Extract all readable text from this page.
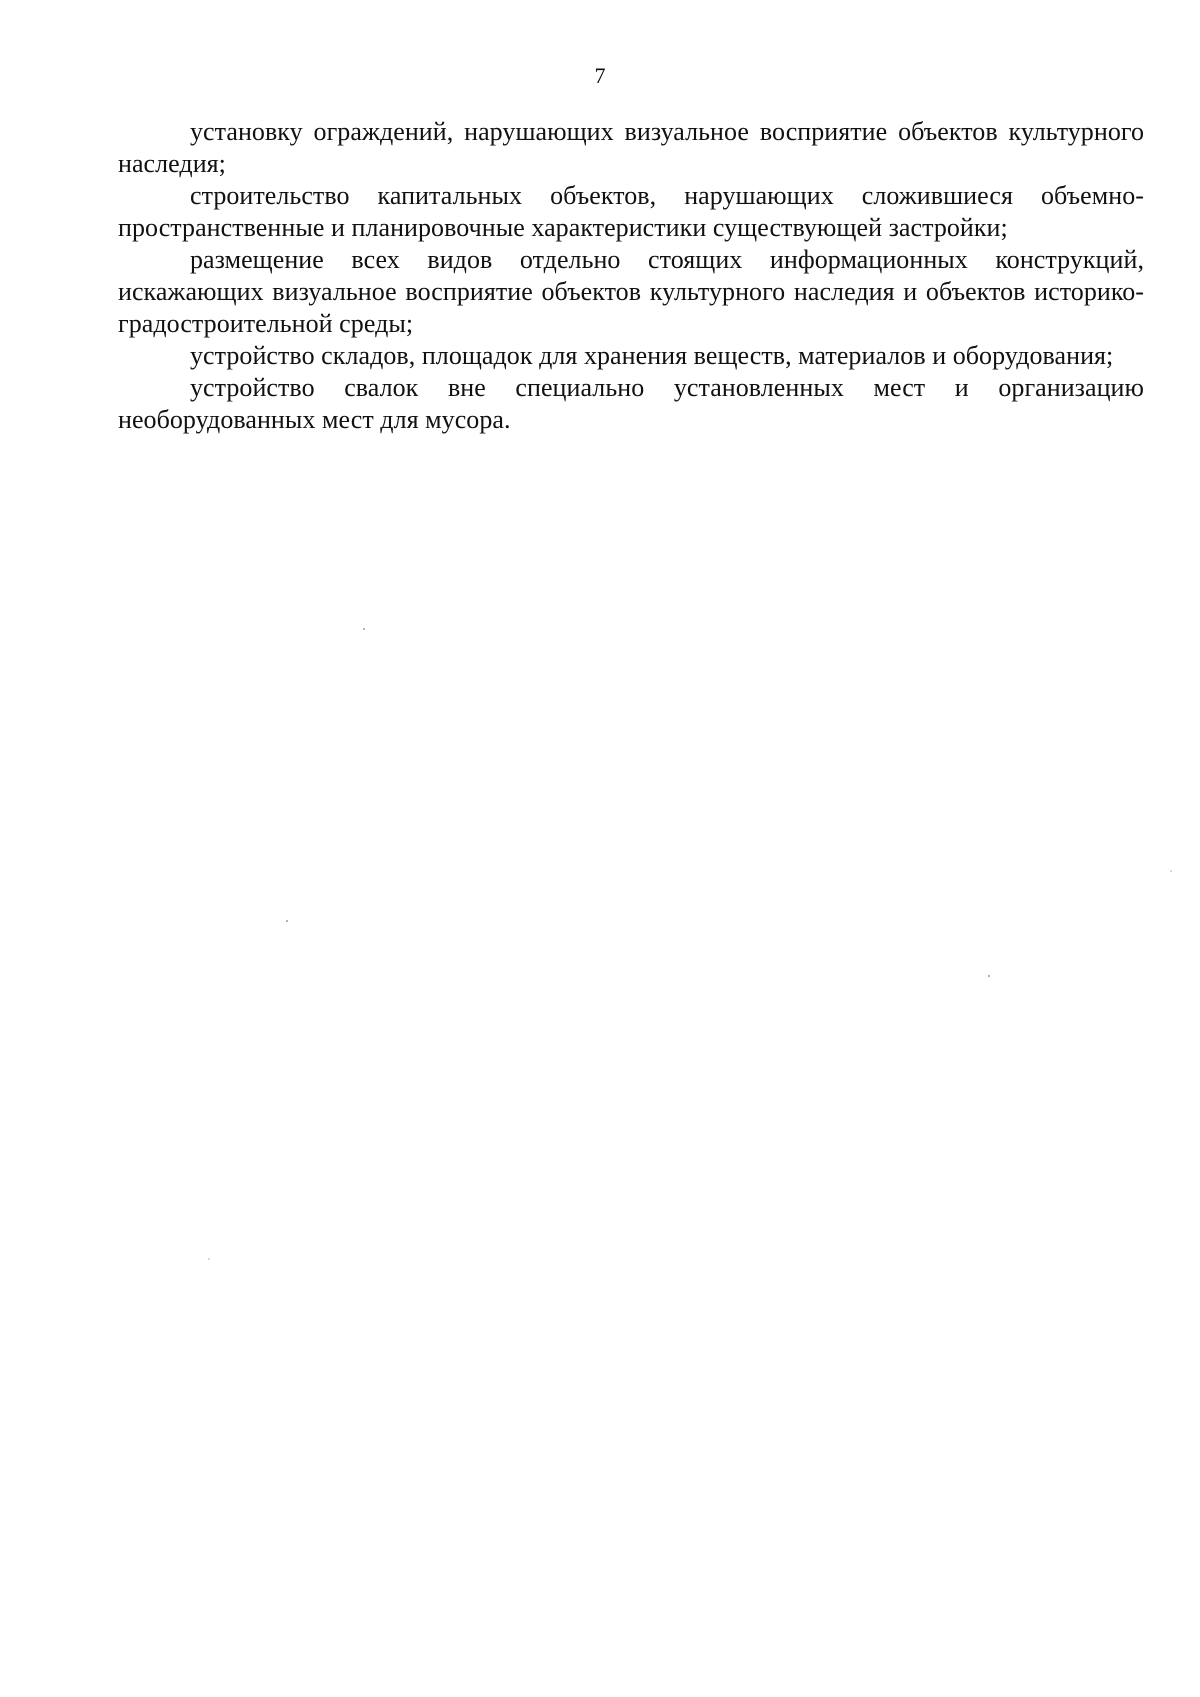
7

установку ограждений, нарушающих визуальное восприятие объектов культурного наследия;

строительство капитальных объектов, нарушающих сложившиеся объемно-пространственные и планировочные характеристики существующей застройки;

размещение всех видов отдельно стоящих информационных конструкций, искажающих визуальное восприятие объектов культурного наследия и объектов историко-градостроительной среды;

устройство складов, площадок для хранения веществ, материалов и оборудования;

устройство свалок вне специально установленных мест и организацию необорудованных мест для мусора.
